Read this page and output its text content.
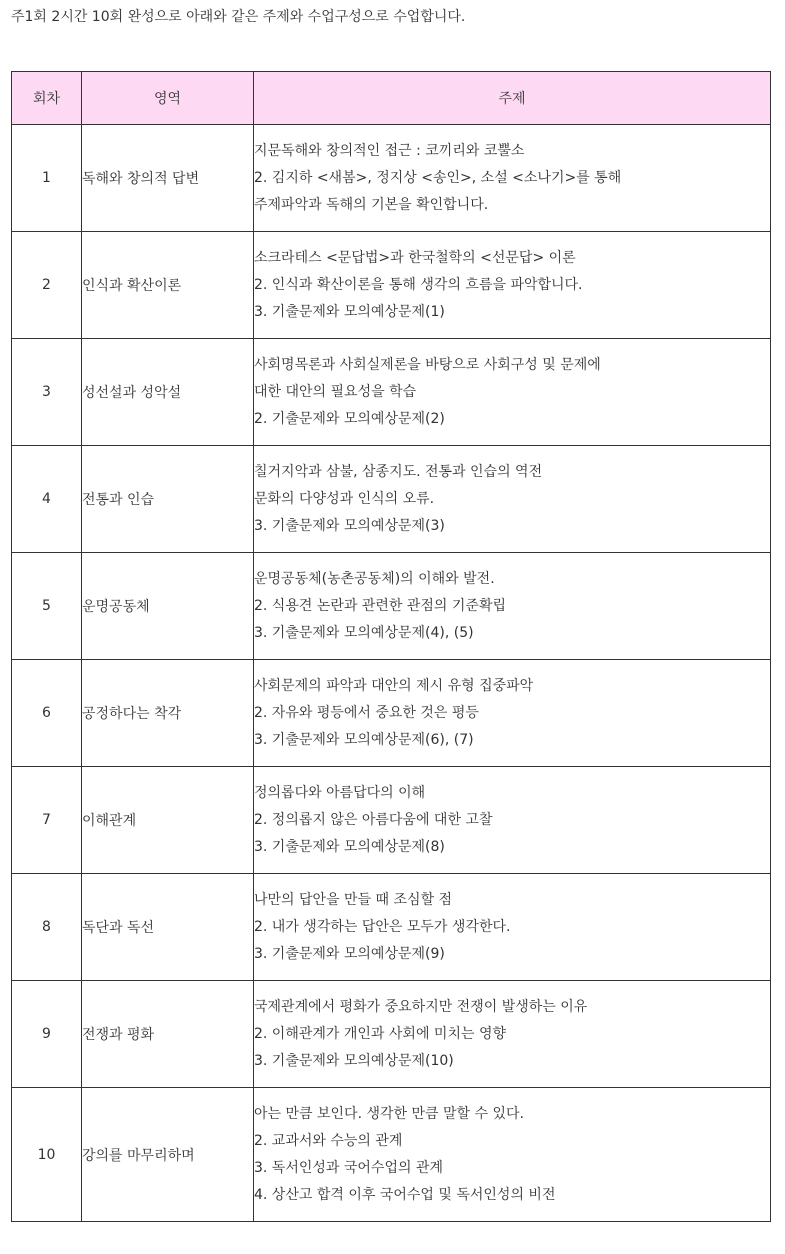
주1회 2시간 10회 완성으로 아래와 같은 주제와 수업구성으로 수업합니다.
회차	영역	주제
1	독해와 창의적 답변	지문독해와 창의적인 접근 : 코끼리와 코뿔소
2. 김지하 <새봄>, 정지상 <송인>, 소설 <소나기>를 통해
주제파악과 독해의 기본을 확인합니다.

2	인식과 확산이론	소크라테스 <문답법>과 한국철학의 <선문답> 이론
2. 인식과 확산이론을 통해 생각의 흐름을 파악합니다.
3. 기출문제와 모의예상문제(1)

3	성선설과 성악설	사회명목론과 사회실제론을 바탕으로 사회구성 및 문제에
대한 대안의 필요성을 학습
2. 기출문제와 모의예상문제(2)

4	전통과 인습	칠거지악과 삼불, 삼종지도. 전통과 인습의 역전
문화의 다양성과 인식의 오류.
3. 기출문제와 모의예상문제(3)

5	운명공동체	운명공동체(농촌공동체)의 이해와 발전.
2. 식용견 논란과 관련한 관점의 기준확립
3. 기출문제와 모의예상문제(4), (5)

6	공정하다는 착각	사회문제의 파악과 대안의 제시 유형 집중파악
2. 자유와 평등에서 중요한 것은 평등
3. 기출문제와 모의예상문제(6), (7)

7	이해관계	정의롭다와 아름답다의 이해
2. 정의롭지 않은 아름다움에 대한 고찰
3. 기출문제와 모의예상문제(8)

8	독단과 독선	나만의 답안을 만들 때 조심할 점
2. 내가 생각하는 답안은 모두가 생각한다.
3. 기출문제와 모의예상문제(9)

9	전쟁과 평화	국제관계에서 평화가 중요하지만 전쟁이 발생하는 이유
2. 이해관계가 개인과 사회에 미치는 영향
3. 기출문제와 모의예상문제(10)

10	강의를 마무리하며	아는 만큼 보인다. 생각한 만큼 말할 수 있다.
2. 교과서와 수능의 관계
3. 독서인성과 국어수업의 관계
4. 상산고 합격 이후 국어수업 및 독서인성의 비전
